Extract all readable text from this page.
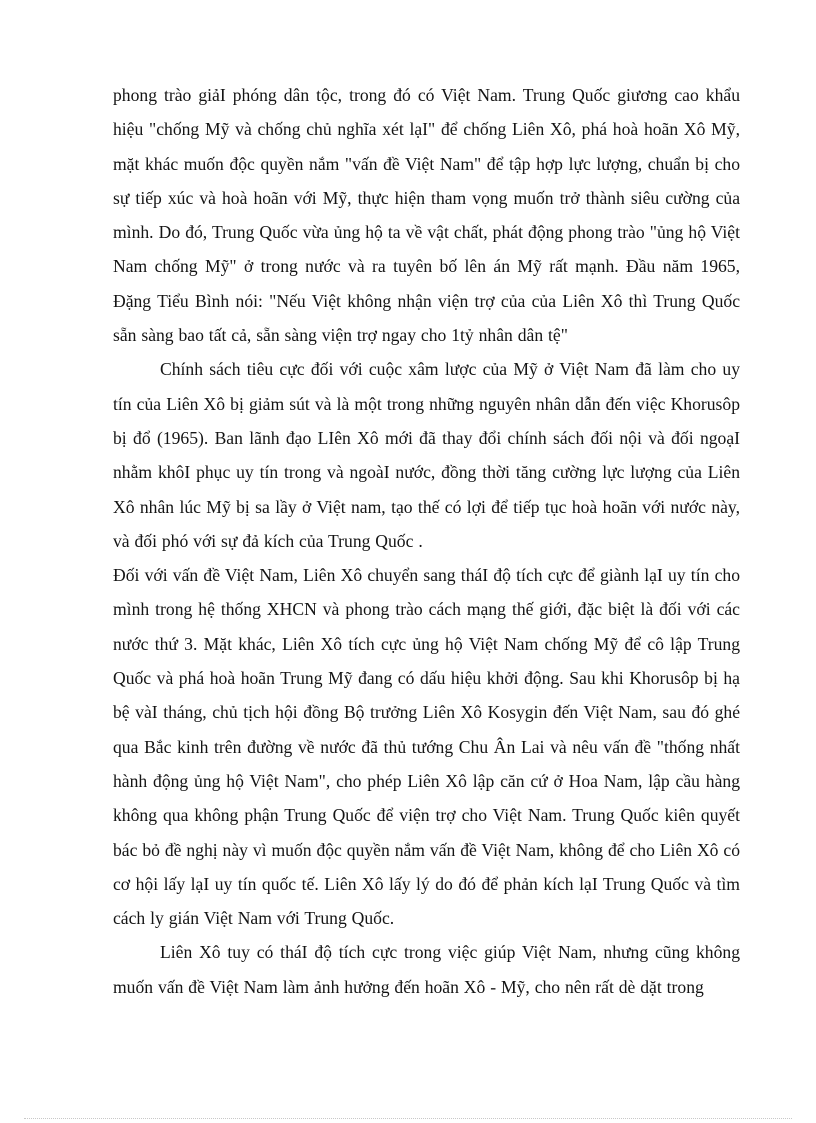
phong trào giảI phóng dân tộc, trong đó có Việt Nam. Trung Quốc giương cao khẩu hiệu "chống Mỹ và chống chủ nghĩa xét lạI" để chống Liên Xô, phá hoà hoãn Xô Mỹ, mặt khác muốn độc quyền nắm "vấn đề Việt Nam" để tập hợp lực lượng, chuẩn bị cho sự tiếp xúc và hoà hoãn với Mỹ, thực hiện tham vọng muốn trở thành siêu cường của mình. Do đó, Trung Quốc vừa ủng hộ ta về vật chất, phát động phong trào "ủng hộ Việt Nam chống Mỹ" ở trong nước và ra tuyên bố lên án Mỹ rất mạnh. Đầu năm 1965, Đặng Tiểu Bình nói: "Nếu Việt không nhận viện trợ của của Liên Xô thì Trung Quốc sẵn sàng bao tất cả, sẵn sàng viện trợ ngay cho 1tỷ nhân dân tệ"

Chính sách tiêu cực đối với cuộc xâm lược của Mỹ ở Việt Nam đã làm cho uy tín của Liên Xô bị giảm sút và là một trong những nguyên nhân dẫn đến việc Khorusôp bị đổ (1965). Ban lãnh đạo LIên Xô mới đã thay đổi chính sách đối nội và đối ngoạI nhằm khôI phục uy tín trong và ngoàI nước, đồng thời tăng cường lực lượng của Liên Xô nhân lúc Mỹ bị sa lầy ở Việt nam, tạo thế có lợi để tiếp tục hoà hoãn với nước này, và đối phó với sự đả kích của Trung Quốc .

Đối với vấn đề Việt Nam, Liên Xô chuyển sang tháI độ tích cực để giành lạI uy tín cho mình trong hệ thống XHCN và phong trào cách mạng thế giới, đặc biệt là đối với các nước thứ 3. Mặt khác, Liên Xô tích cực ủng hộ Việt Nam chống Mỹ để cô lập Trung Quốc và phá hoà hoãn Trung Mỹ đang có dấu hiệu khởi động. Sau khi Khorusôp bị hạ bệ vàI tháng, chủ tịch hội đồng Bộ trưởng Liên Xô Kosygin đến Việt Nam, sau đó ghé qua Bắc kinh trên đường về nước đã thủ tướng Chu Ân Lai và nêu vấn đề "thống nhất hành động ủng hộ Việt Nam", cho phép Liên Xô lập căn cứ ở Hoa Nam, lập cầu hàng không qua không phận Trung Quốc để viện trợ cho Việt Nam. Trung Quốc kiên quyết bác bỏ đề nghị này vì muốn độc quyền nắm vấn đề Việt Nam, không để cho Liên Xô có cơ hội lấy lạI uy tín quốc tế. Liên Xô lấy lý do đó để phản kích lạI Trung Quốc và tìm cách ly gián Việt Nam với Trung Quốc.

Liên Xô tuy có tháI độ tích cực trong việc giúp Việt Nam, nhưng cũng không muốn vấn đề Việt Nam làm ảnh hưởng đến hoãn Xô - Mỹ, cho nên rất dè dặt trong
